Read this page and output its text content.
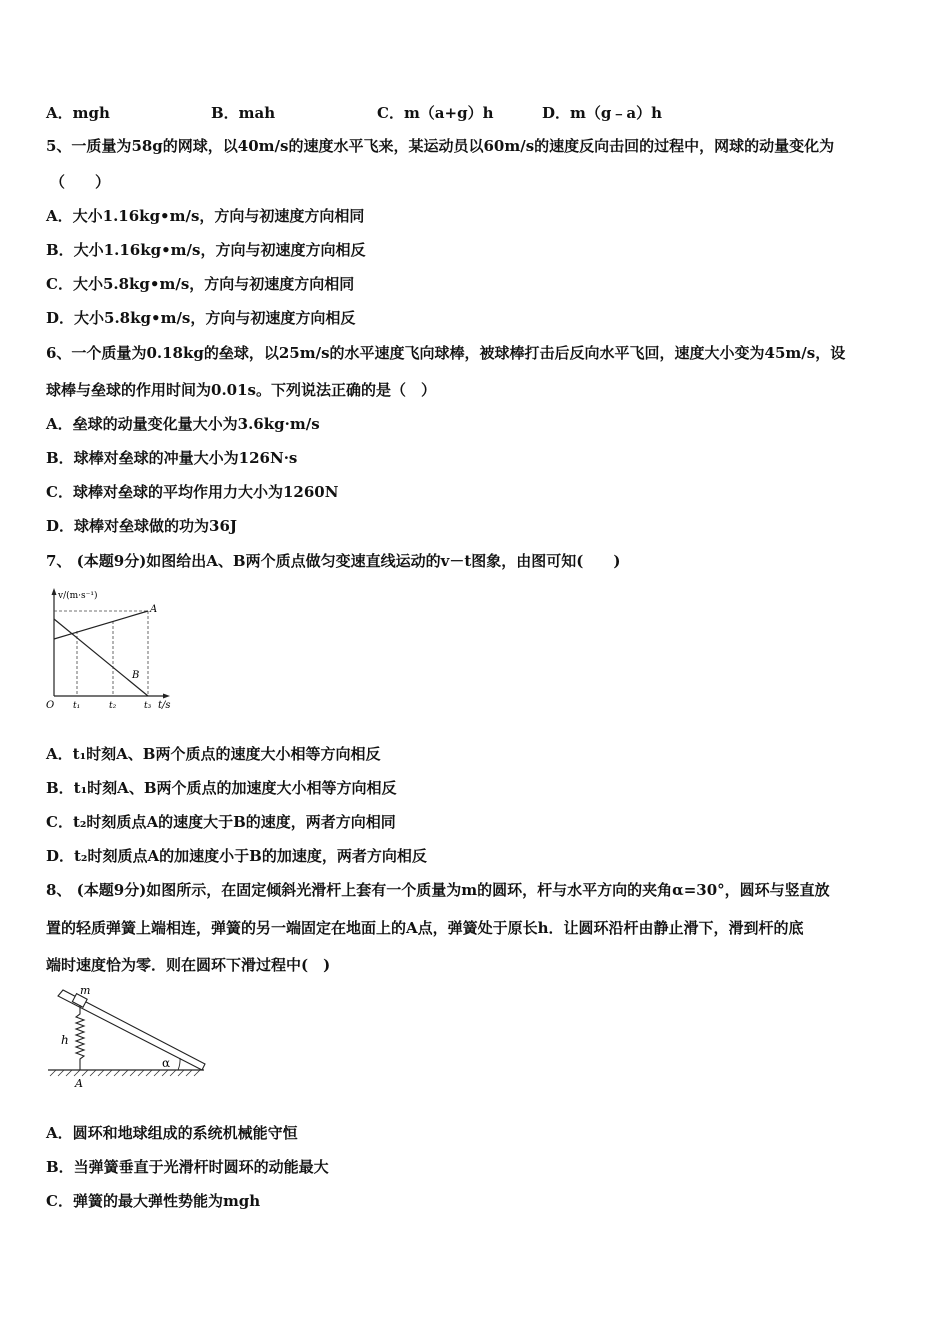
A．mgh	B．mah	C．m（a+g）h	D．m（g﹣a）h
5、一质量为58g的网球，以40m/s的速度水平飞来，某运动员以60m/s的速度反向击回的过程中，网球的动量变化为
（　　）
A．大小1.16kg•m/s，方向与初速度方向相同
B．大小1.16kg•m/s，方向与初速度方向相反
C．大小5.8kg•m/s，方向与初速度方向相同
D．大小5.8kg•m/s，方向与初速度方向相反
6、一个质量为0.18kg的垒球，以25m/s的水平速度飞向球棒，被球棒打击后反向水平飞回，速度大小变为45m/s，设
球棒与垒球的作用时间为0.01s。下列说法正确的是（　）
A．垒球的动量变化量大小为3.6kg·m/s
B．球棒对垒球的冲量大小为126N·s
C．球棒对垒球的平均作用力大小为1260N
D．球棒对垒球做的功为36J
7、 (本题9分)如图给出A、B两个质点做匀变速直线运动的v－t图象，由图可知(　　)
v/(m·s⁻¹)
A
B
O t₁	t₂	t₃ t/s
A．t₁时刻A、B两个质点的速度大小相等方向相反
B．t₁时刻A、B两个质点的加速度大小相等方向相反
C．t₂时刻质点A的速度大于B的速度，两者方向相同
D．t₂时刻质点A的加速度小于B的加速度，两者方向相反
8、 (本题9分)如图所示，在固定倾斜光滑杆上套有一个质量为m的圆环，杆与水平方向的夹角α=30°，圆环与竖直放
置的轻质弹簧上端相连，弹簧的另一端固定在地面上的A点，弹簧处于原长h．让圆环沿杆由静止滑下，滑到杆的底
端时速度恰为零．则在圆环下滑过程中(　)
m
h
α
A
A．圆环和地球组成的系统机械能守恒
B．当弹簧垂直于光滑杆时圆环的动能最大
C．弹簧的最大弹性势能为mgh
